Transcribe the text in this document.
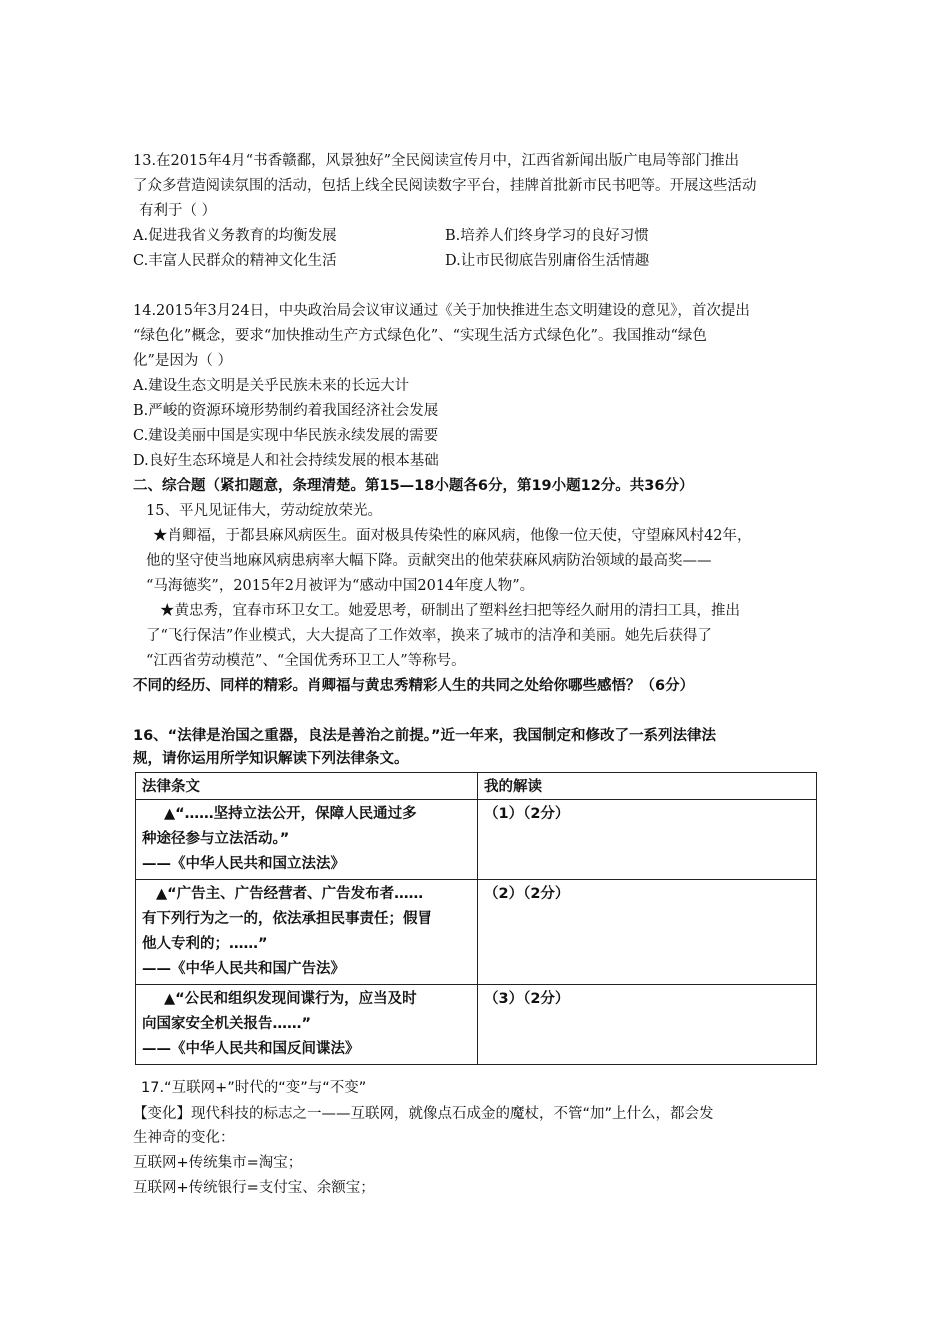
13.在2015年4月“书香赣鄱，风景独好”全民阅读宣传月中，江西省新闻出版广电局等部门推出
了众多营造阅读氛围的活动，包括上线全民阅读数字平台，挂牌首批新市民书吧等。开展这些活动
有利于（ ）
A.促进我省义务教育的均衡发展	B.培养人们终身学习的良好习惯
C.丰富人民群众的精神文化生活	D.让市民彻底告别庸俗生活情趣
14.2015年3月24日，中央政治局会议审议通过《关于加快推进生态文明建设的意见》，首次提出
“绿色化”概念，要求“加快推动生产方式绿色化”、“实现生活方式绿色化”。我国推动“绿色
化”是因为（ ）
A.建设生态文明是关乎民族未来的长远大计
B.严峻的资源环境形势制约着我国经济社会发展
C.建设美丽中国是实现中华民族永续发展的需要
D.良好生态环境是人和社会持续发展的根本基础
二、综合题（紧扣题意，条理清楚。第15—18小题各6分，第19小题12分。共36分）
15、平凡见证伟大，劳动绽放荣光。
★肖卿福，于都县麻风病医生。面对极具传染性的麻风病，他像一位天使，守望麻风村42年，
他的坚守使当地麻风病患病率大幅下降。贡献突出的他荣获麻风病防治领域的最高奖——
“马海德奖”，2015年2月被评为“感动中国2014年度人物”。
★黄忠秀，宜春市环卫女工。她爱思考，研制出了塑料丝扫把等经久耐用的清扫工具，推出
了“飞行保洁”作业模式，大大提高了工作效率，换来了城市的洁净和美丽。她先后获得了
“江西省劳动模范”、“全国优秀环卫工人”等称号。
不同的经历、同样的精彩。肖卿福与黄忠秀精彩人生的共同之处给你哪些感悟？（6分）
16、“法律是治国之重器，良法是善治之前提。”近一年来，我国制定和修改了一系列法律法
规，请你运用所学知识解读下列法律条文。
法律条文	我的解读

▲“……坚持立法公开，保障人民通过多
种途径参与立法活动。”
——《中华人民共和国立法法》	（1）（2分）

▲“广告主、广告经营者、广告发布者……
有下列行为之一的，依法承担民事责任；假冒
他人专利的；……”
——《中华人民共和国广告法》	（2）（2分）

▲“公民和组织发现间谍行为，应当及时
向国家安全机关报告……”
——《中华人民共和国反间谍法》	（3）（2分）
17.“互联网+”时代的“变”与“不变”
【变化】现代科技的标志之一——互联网，就像点石成金的魔杖，不管“加”上什么，都会发
生神奇的变化：
互联网+传统集市=淘宝；
互联网+传统银行=支付宝、余额宝；
